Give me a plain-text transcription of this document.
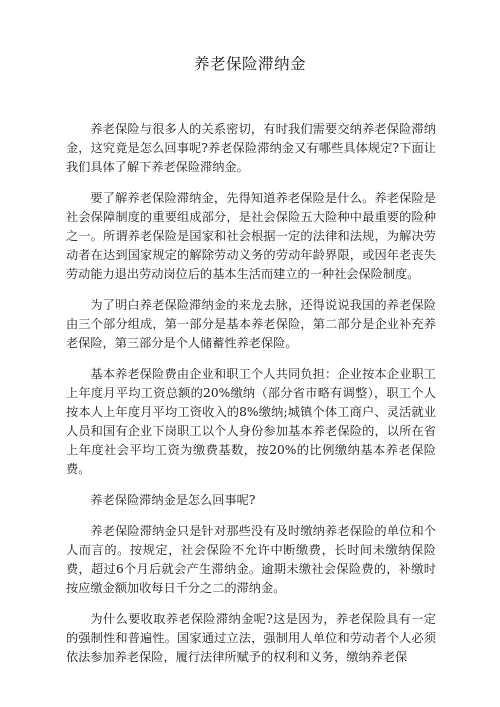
养老保险滞纳金

养老保险与很多人的关系密切，有时我们需要交纳养老保险滞纳金，这究竟是怎么回事呢?养老保险滞纳金又有哪些具体规定?下面让我们具体了解下养老保险滞纳金。

要了解养老保险滞纳金，先得知道养老保险是什么。养老保险是社会保障制度的重要组成部分，是社会保险五大险种中最重要的险种之一。所谓养老保险是国家和社会根据一定的法律和法规，为解决劳动者在达到国家规定的解除劳动义务的劳动年龄界限，或因年老丧失劳动能力退出劳动岗位后的基本生活而建立的一种社会保险制度。

为了明白养老保险滞纳金的来龙去脉，还得说说我国的养老保险由三个部分组成，第一部分是基本养老保险，第二部分是企业补充养老保险，第三部分是个人储蓄性养老保险。

基本养老保险费由企业和职工个人共同负担：企业按本企业职工上年度月平均工资总额的20%缴纳（部分省市略有调整），职工个人按本人上年度月平均工资收入的8%缴纳;城镇个体工商户、灵活就业人员和国有企业下岗职工以个人身份参加基本养老保险的，以所在省上年度社会平均工资为缴费基数，按20%的比例缴纳基本养老保险费。

养老保险滞纳金是怎么回事呢?

养老保险滞纳金只是针对那些没有及时缴纳养老保险的单位和个人而言的。按规定，社会保险不允许中断缴费，长时间未缴纳保险费，超过6个月后就会产生滞纳金。逾期未缴社会保险费的，补缴时按应缴金额加收每日千分之二的滞纳金。

为什么要收取养老保险滞纳金呢?这是因为，养老保险具有一定的强制性和普遍性。国家通过立法，强制用人单位和劳动者个人必须依法参加养老保险，履行法律所赋予的权利和义务，缴纳养老保
